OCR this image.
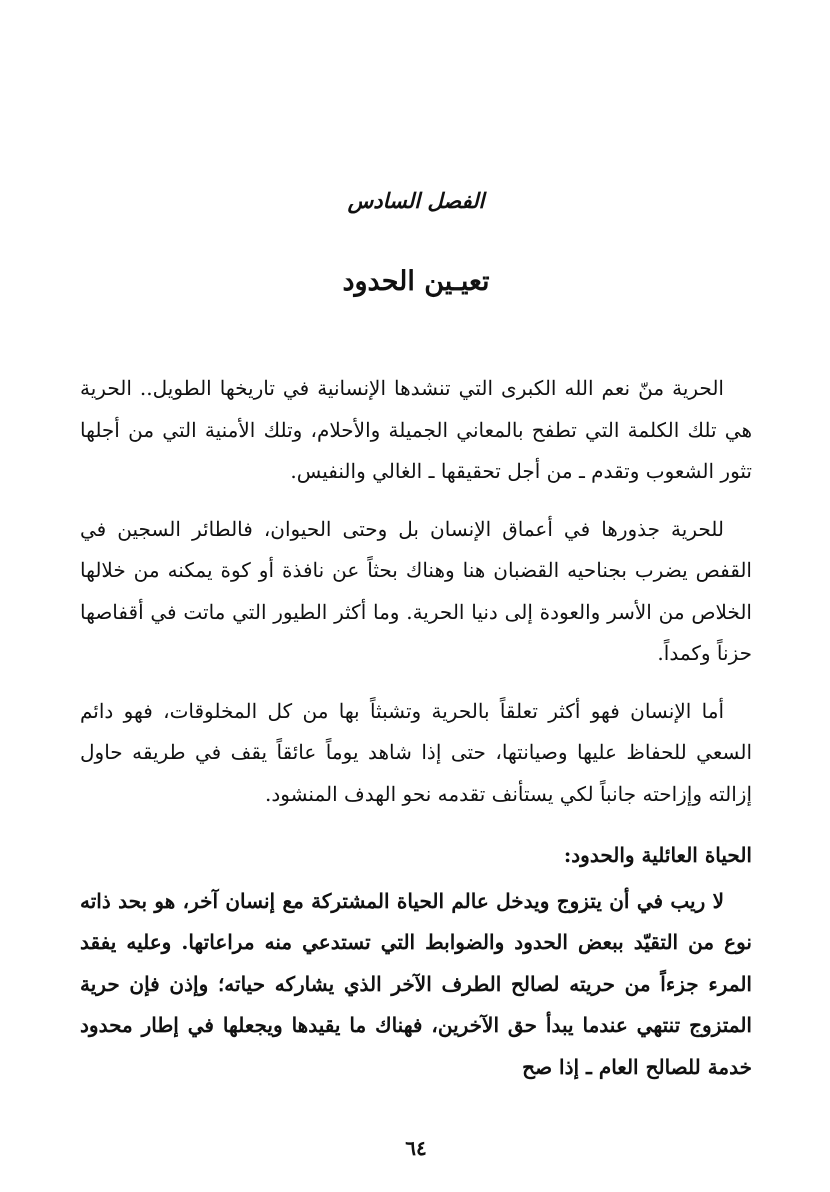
الفصل السادس
تعيـين الحدود

الحرية منّ نعم الله الكبرى التي تنشدها الإنسانية في تاريخها الطويل.. الحرية هي تلك الكلمة التي تطفح بالمعاني الجميلة والأحلام، وتلك الأمنية التي من أجلها تثور الشعوب وتقدم ـ من أجل تحقيقها ـ الغالي والنفيس.

للحرية جذورها في أعماق الإنسان بل وحتى الحيوان، فالطائر السجين في القفص يضرب بجناحيه القضبان هنا وهناك بحثاً عن نافذة أو كوة يمكنه من خلالها الخلاص من الأسر والعودة إلى دنيا الحرية. وما أكثر الطيور التي ماتت في أقفاصها حزناً وكمداً.

أما الإنسان فهو أكثر تعلقاً بالحرية وتشبثاً بها من كل المخلوقات، فهو دائم السعي للحفاظ عليها وصيانتها، حتى إذا شاهد يوماً عائقاً يقف في طريقه حاول إزالته وإزاحته جانباً لكي يستأنف تقدمه نحو الهدف المنشود.

الحياة العائلية والحدود:

لا ريب في أن يتزوج ويدخل عالم الحياة المشتركة مع إنسان آخر، هو بحد ذاته نوع من التقيّد ببعض الحدود والضوابط التي تستدعي منه مراعاتها. وعليه يفقد المرء جزءاً من حريته لصالح الطرف الآخر الذي يشاركه حياته؛ وإذن فإن حرية المتزوج تنتهي عندما يبدأ حق الآخرين، فهناك ما يقيدها ويجعلها في إطار محدود خدمة للصالح العام ـ إذا صح

٦٤
